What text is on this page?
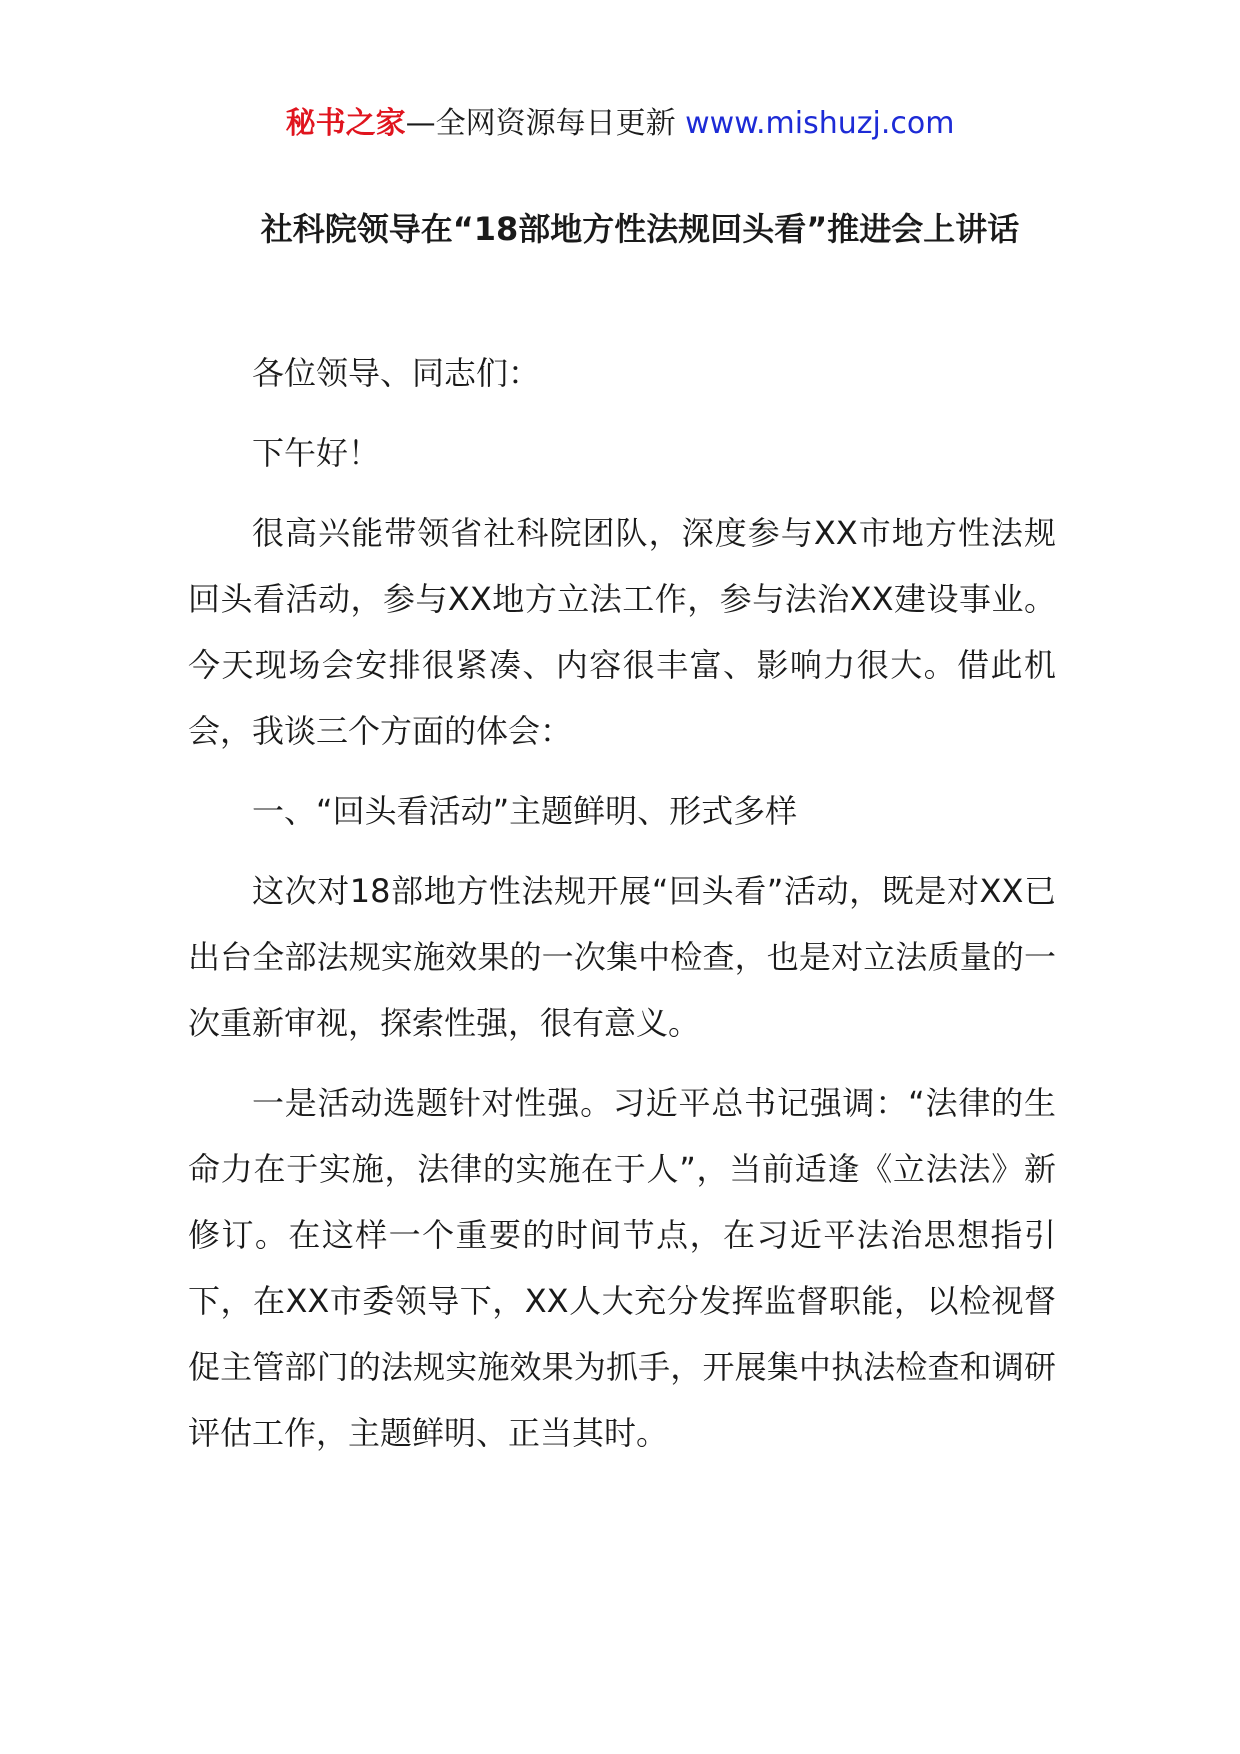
秘书之家—全网资源每日更新 www.mishuzj.com
社科院领导在“18部地方性法规回头看”推进会上讲话

各位领导、同志们：

下午好！

很高兴能带领省社科院团队，深度参与XX市地方性法规回头看活动，参与XX地方立法工作，参与法治XX建设事业。今天现场会安排很紧凑、内容很丰富、影响力很大。借此机会，我谈三个方面的体会：

一、“回头看活动”主题鲜明、形式多样

这次对18部地方性法规开展“回头看”活动，既是对XX已出台全部法规实施效果的一次集中检查，也是对立法质量的一次重新审视，探索性强，很有意义。

一是活动选题针对性强。习近平总书记强调：“法律的生命力在于实施，法律的实施在于人”，当前适逢《立法法》新修订。在这样一个重要的时间节点，在习近平法治思想指引下，在XX市委领导下，XX人大充分发挥监督职能，以检视督促主管部门的法规实施效果为抓手，开展集中执法检查和调研评估工作，主题鲜明、正当其时。
